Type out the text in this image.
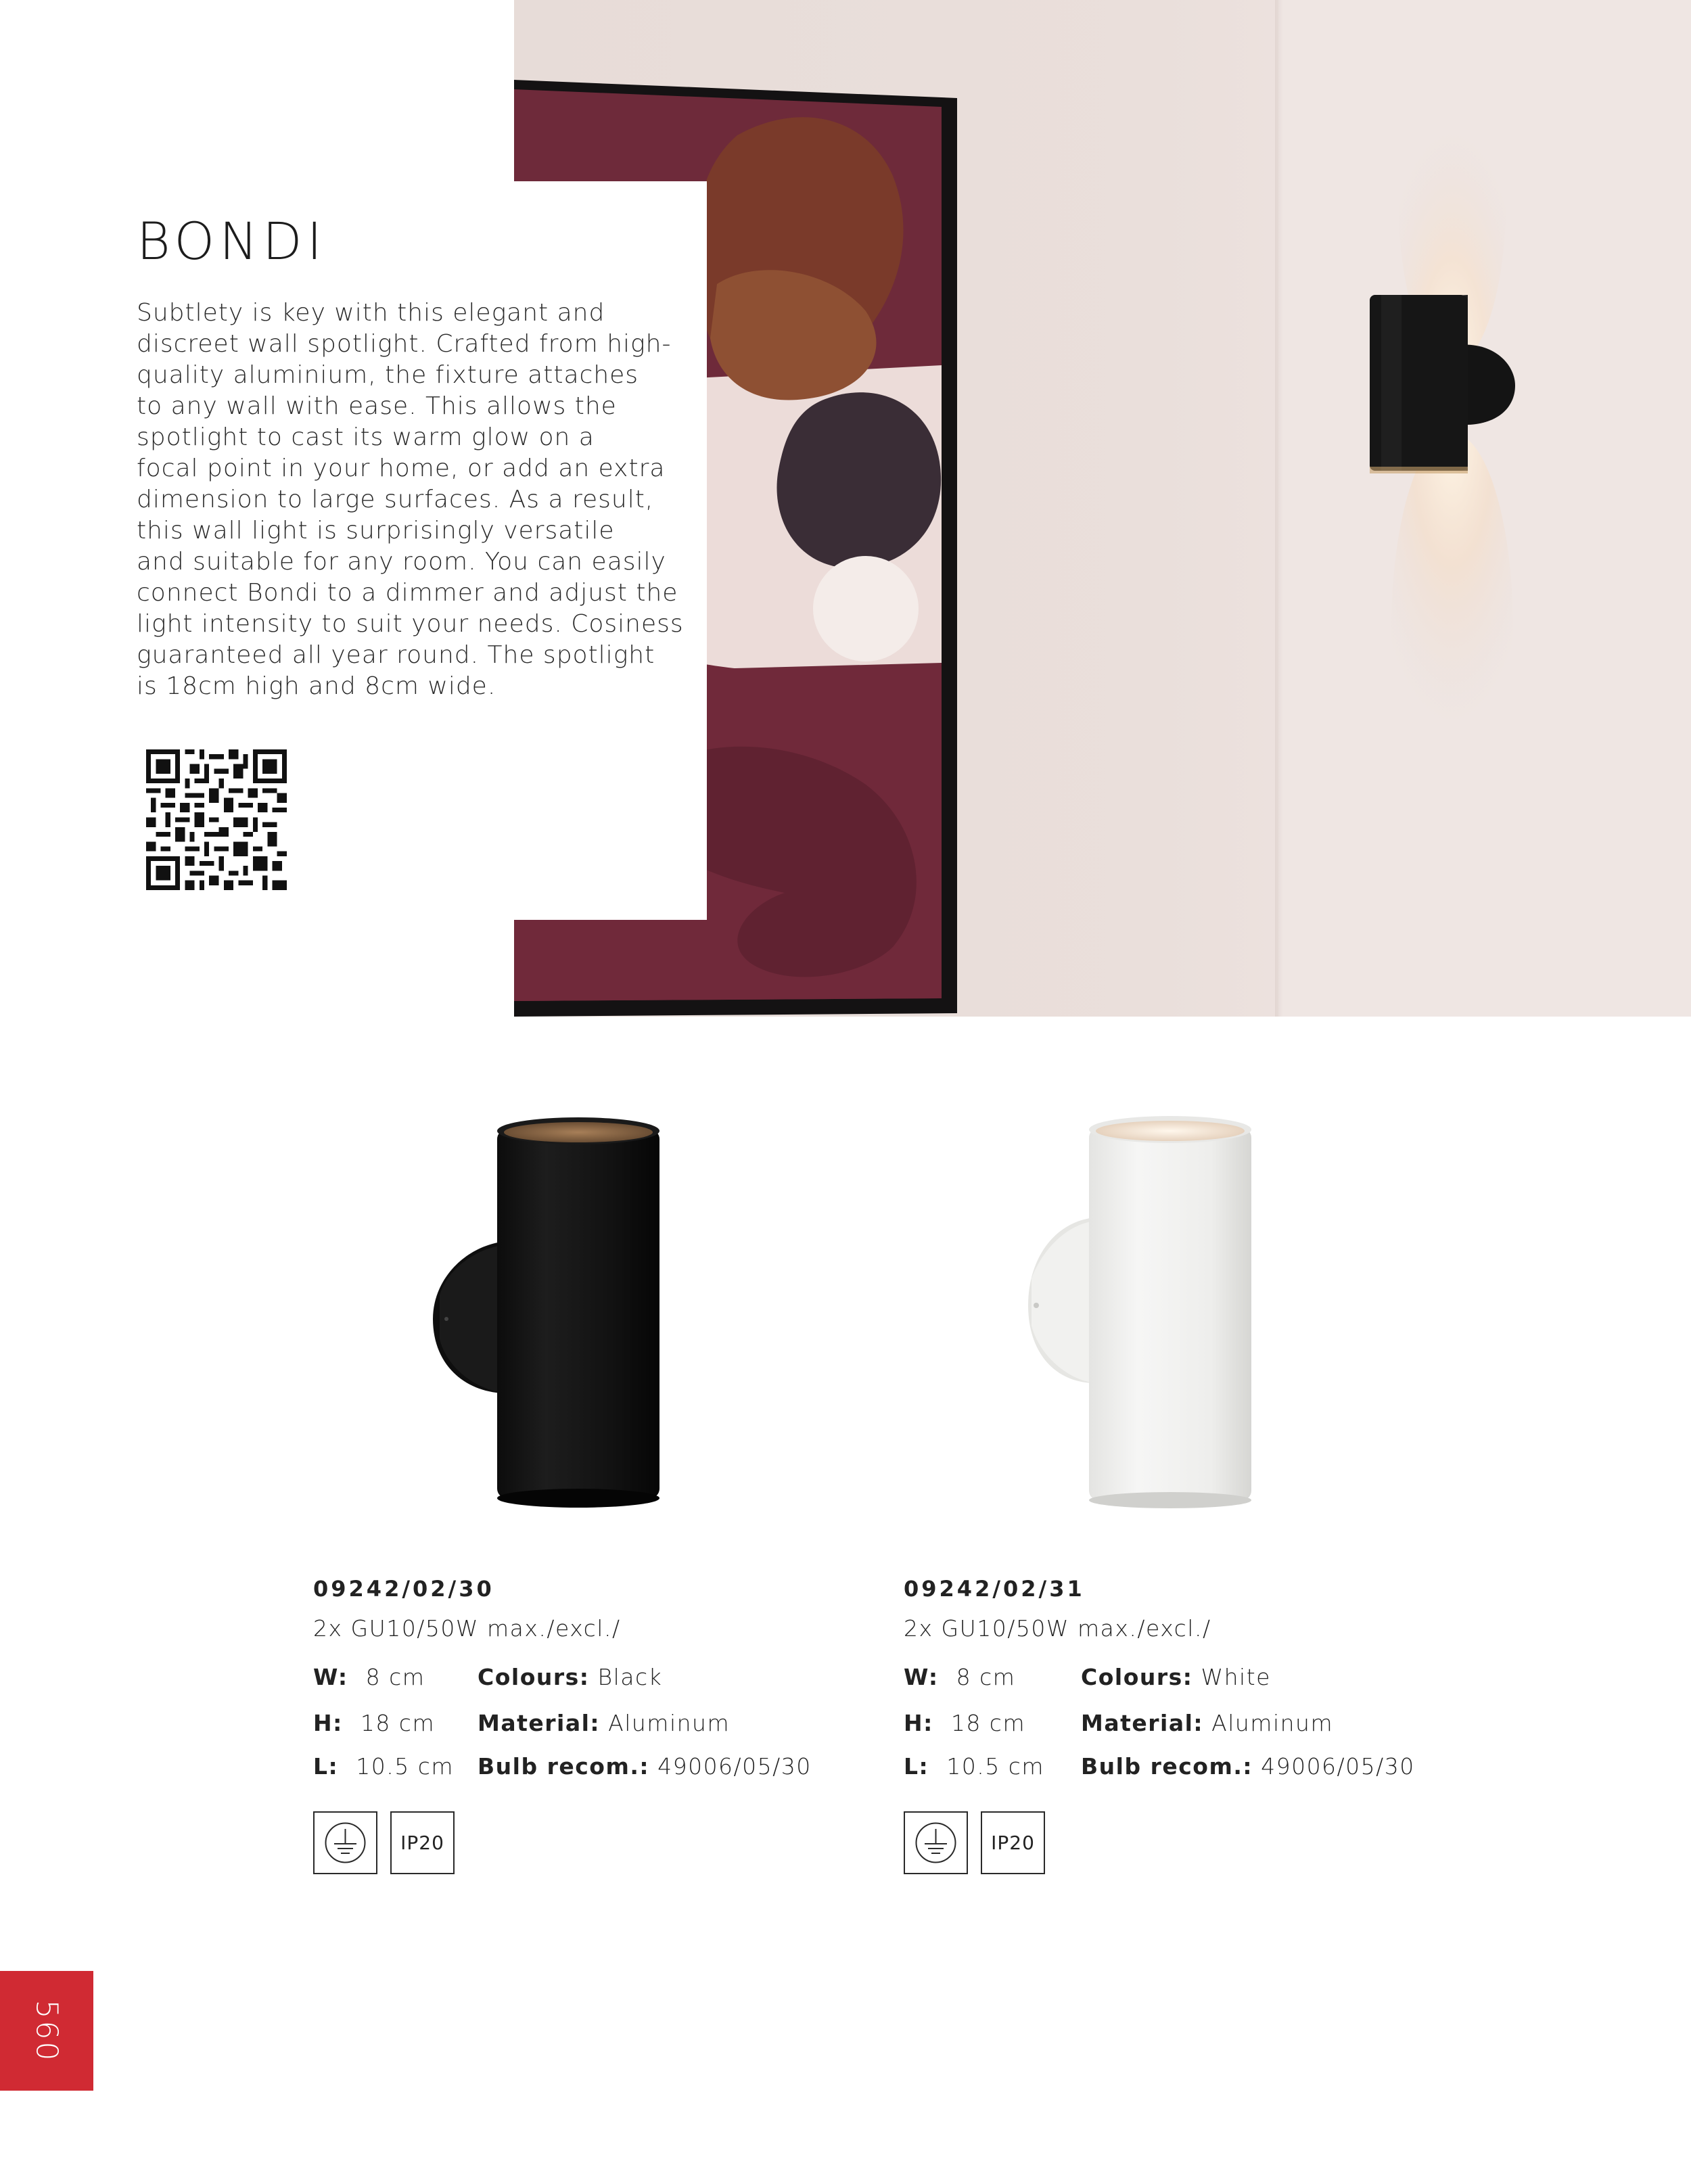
BONDI
Subtlety is key with this elegant and
discreet wall spotlight. Crafted from high-
quality aluminium, the fixture attaches
to any wall with ease. This allows the
spotlight to cast its warm glow on a
focal point in your home, or add an extra
dimension to large surfaces. As a result,
this wall light is surprisingly versatile
and suitable for any room. You can easily
connect Bondi to a dimmer and adjust the
light intensity to suit your needs. Cosiness
guaranteed all year round. The spotlight
is 18cm high and 8cm wide.

09242/02/30

2x GU10/50W max./excl./
W: 8 cm Colours: Black
H: 18 cm Material: Aluminum
L: 10.5 cm Bulb recom.: 49006/05/30
IP20

09242/02/31

2x GU10/50W max./excl./
W: 8 cm	Colours: White
H: 18 cm Material: Aluminum
L: 10.5 cm Bulb recom.: 49006/05/30
IP20
560
